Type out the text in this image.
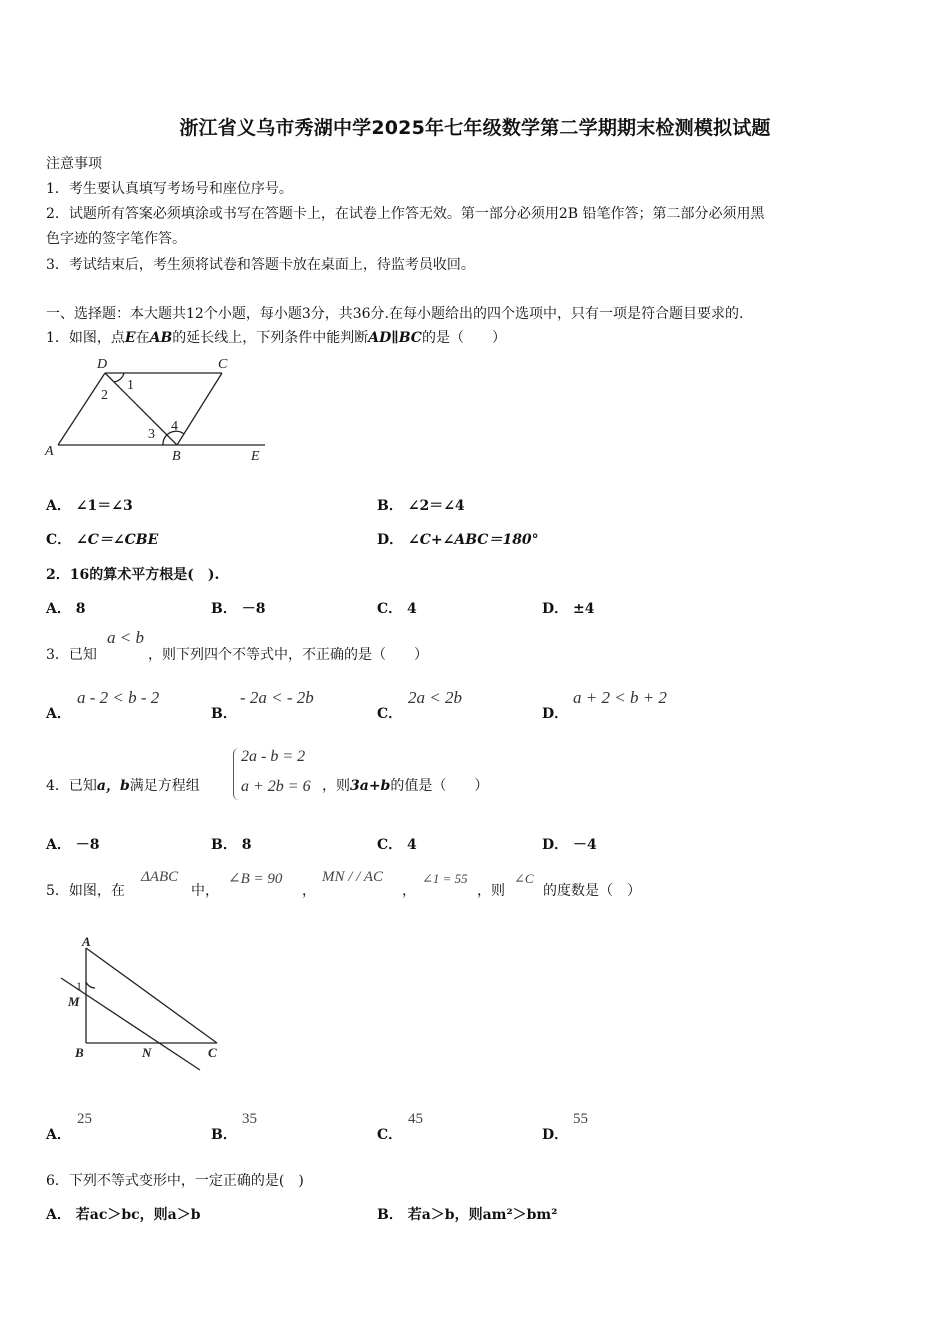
浙江省义乌市秀湖中学2025年七年级数学第二学期期末检测模拟试题
注意事项
1．考生要认真填写考场号和座位序号。
2．试题所有答案必须填涂或书写在答题卡上，在试卷上作答无效。第一部分必须用2B 铅笔作答；第二部分必须用黑
色字迹的签字笔作答。
3．考试结束后，考生须将试卷和答题卡放在桌面上，待监考员收回。
一、选择题：本大题共12个小题，每小题3分，共36分.在每小题给出的四个选项中，只有一项是符合题目要求的.
1．如图，点E在AB的延长线上，下列条件中能判断AD∥BC的是（　　）
D	C
A	B	E
1
2
3
4
A． ∠1＝∠3	B． ∠2＝∠4
C． ∠C＝∠CBE	D． ∠C+∠ABC＝180°
2．16的算术平方根是(　).
A． 8	B． －8	C． 4	D． ±4
3．已知
a < b
，则下列四个不等式中，不正确的是（　　）
A．
a - 2 < b - 2
B．
- 2a < - 2b
C．
2a < 2b
D．
a + 2 < b + 2
4．已知a，b满足方程组
2a - b = 2
a + 2b = 6 ，则3a+b的值是（　　）
A． －8	B． 8	C． 4	D． －4
5．如图，在
ΔABC
中，
∠B = 90
，
MN / / AC
，
∠1 = 55
，则
∠C
的度数是（　）
A
B	C
M
N
1
A．
25
B．
35
C．
45
D．
55
6．下列不等式变形中，一定正确的是(　)
A． 若ac＞bc，则a＞b	B． 若a＞b，则am²＞bm²
